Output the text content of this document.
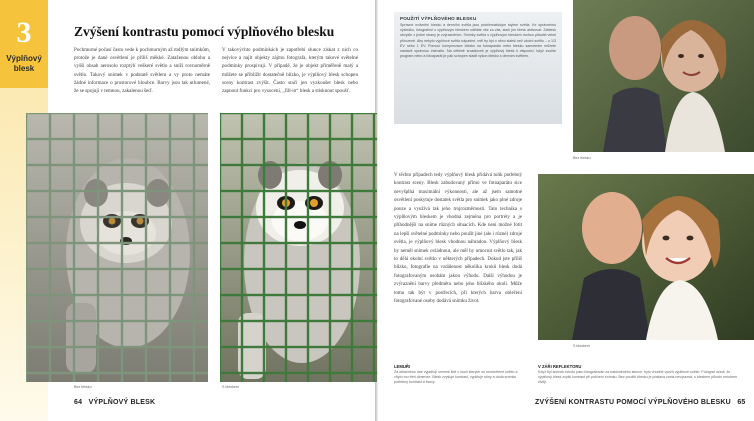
3
Výplňový blesk
Zvýšení kontrastu pomocí výplňového blesku

Pochmurné počasí často vede k pochmurným až mdlým snímkům, protože je dané osvětlení je příliš měkké. Zataženou oblohu a vyšší obsah aerosolu rozptýlí veškeré světlo a sníží rovnoměrně světlo. Takový snímek v podstatě světlem a vy proto nemáte žádné informace o prostorové hloubce. Barvy jsou tak utlumené, že se spojují v temnou, zakalenou šeď.

V takovýchto podmínkách je zapotřebí slunce získat z nich co nejvíce a najít objekty zájmu fotografa, kterým takové světelné podmínky prospívají. V případě, že je objekt přiměřeně malý a můžete se přiblížit dostatečně blízko, je výplňový blesk schopen sceny kontrast zvýšit. Často stačí jen vyzkoušet blesk nebo zapnout funkci pro vysocení, „fill-in“ blesk a stisknout spoušť.

Bez blesku	S bleskem
64 VÝPLŇOVÝ BLESK
POUŽITÍ VÝPLŇOVÉHO BLESKU
Správné ovlivnění blesku a denního světla jsou problematickým stylem světla. Ke správnému výsledku, fotografovi s výplňovým bleskem uděláte vše za vás, stačí jen blesk aktivovat. Záblesk obvykle z jedné strany je zvýrazněním. Snímky světla s výplňovým bleskem mohou působit velmi přirozeně. Aby nebylo výplňové světlo nápadné, měl by být o něco slabší než okolní světlo – o 1/3 EV nebo 1 EV. Pomocí kompenzace blesku na fotoaparátu nebo blesku samotném můžete nastavit správnou intenzitu. Na většině zrcadlovek je výplňový blesk k dispozici, když zvolíte program nebo a fotoaparát je pak schopen sladit výkon blesku s denním světlem.

V těchto případech tedy výplňový blesk přidává tolik potřebný kontrast sceny. Blesk zabudovaný přímo ve fotoaparátu sice nevyšplhá maximální výkonnosti, ale až jsem samotné osvětlení poskytuje dostatek světla pro snímek jako plné zdroje pouze a využívá tak jeho trojrozměrnosti. Tato technika s výplňovým bleskem je vhodná zejména pro portréty a je příhodnější na sníme různých situacích. Kde není možné fotit na lepší světelné podmínky nebo použít jiné (ale i různé) zdroje světla, je výplňový blesk vhodnou náhradou. Výplňový blesk by neměl snímek ovládnout, ale měl by umocnit světlo tak, jak to dělá okolní světlo v některých případech. Dokud jste příliš blízko, fotografie na vzdálenost několika kroků blesk dodá fotografovaným osobám jakou výhodu. Další výhodou je zvýraznění barvy předmětu nebo jeho blízkého okolí. Může tomu tak být v postřecích, při kterých barva oblečení fotografované osoby dodává snímku život.

Bez blesku
S bleskem
LEMUŘI
Za oblačného dne vyjadřují snímek lidé v okolí kterých se neošetřené světlo a chybí mu třetí dimenze. Blesk zvyšuje kontrast, vyplňuje stíny a dodá snímku potřebný kontrast a barvy.
V ZÁŘI REFLEKTORU
Když byl snímek tohoto páru fotografován za nakloněného slunce, bylo vhodné využít výplňové světlo. Fotograf uvedl, že výplňový blesk zvýšil kontrast při pořízení snímku. Bez použití blesku je postava zcela nevýrazná, s bleskem působí mnohem živěji.
ZVÝŠENÍ KONTRASTU POMOCÍ VÝPLŇOVÉHO BLESKU 65
